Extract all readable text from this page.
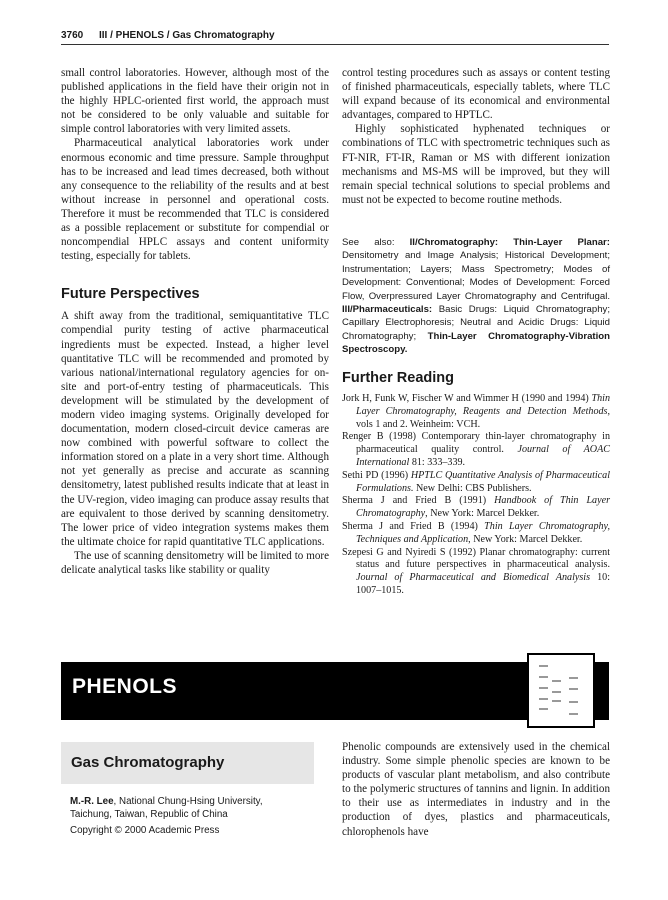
3760 III / PHENOLS / Gas Chromatography

small control laboratories. However, although most of the published applications in the field have their origin not in the highly HPLC-oriented first world, the approach must not be considered to be only valuable and suitable for simple control laboratories with very limited assets.

Pharmaceutical analytical laboratories work under enormous economic and time pressure. Sample throughput has to be increased and lead times decreased, both without any consequence to the reliability of the results and at best without increase in personnel and operational costs. Therefore it must be recommended that TLC is considered as a possible replacement or substitute for compendial or noncompendial HPLC assays and content uniformity testing, especially for tablets.

Future Perspectives

A shift away from the traditional, semiquantitative TLC compendial purity testing of active pharmaceutical ingredients must be expected. Instead, a higher level quantitative TLC will be recommended and promoted by various national/international regulatory agencies for on-site and port-of-entry testing of pharmaceuticals. This development will be stimulated by the development of modern video imaging systems. Originally developed for documentation, modern closed-circuit device cameras are now combined with powerful software to collect the information stored on a plate in a very short time. Although not yet generally as precise and accurate as scanning densitometry, latest published results indicate that at least in the UV-region, video imaging can produce assay results that are equivalent to those derived by scanning densitometry. The lower price of video integration systems makes them the ultimate choice for rapid quantitative TLC applications.

The use of scanning densitometry will be limited to more delicate analytical tasks like stability or quality

control testing procedures such as assays or content testing of finished pharmaceuticals, especially tablets, where TLC will expand because of its economical and environmental advantages, compared to HPTLC.

Highly sophisticated hyphenated techniques or combinations of TLC with spectrometric techniques such as FT-NIR, FT-IR, Raman or MS with different ionization mechanisms and MS-MS will be improved, but they will remain special technical solutions to special problems and must not be expected to become routine methods.

See also: II/Chromatography: Thin-Layer Planar: Densitometry and Image Analysis; Historical Development; Instrumentation; Layers; Mass Spectrometry; Modes of Development: Conventional; Modes of Development: Forced Flow, Overpressured Layer Chromatography and Centrifugal. III/Pharmaceuticals: Basic Drugs: Liquid Chromatography; Capillary Electrophoresis; Neutral and Acidic Drugs: Liquid Chromatography; Thin-Layer Chromatography-Vibration Spectroscopy.
Further Reading
Jork H, Funk W, Fischer W and Wimmer H (1990 and 1994) Thin Layer Chromatography, Reagents and Detection Methods, vols 1 and 2. Weinheim: VCH.
Renger B (1998) Contemporary thin-layer chromatography in pharmaceutical quality control. Journal of AOAC International 81: 333–339.
Sethi PD (1996) HPTLC Quantitative Analysis of Pharmaceutical Formulations. New Delhi: CBS Publishers.
Sherma J and Fried B (1991) Handbook of Thin Layer Chromatography, New York: Marcel Dekker.
Sherma J and Fried B (1994) Thin Layer Chromatography, Techniques and Application, New York: Marcel Dekker.
Szepesi G and Nyiredi S (1992) Planar chromatography: current status and future perspectives in pharmaceutical analysis. Journal of Pharmaceutical and Biomedical Analysis 10: 1007–1015.
PHENOLS
Gas Chromatography
M.-R. Lee, National Chung-Hsing University,
Taichung, Taiwan, Republic of China
Copyright © 2000 Academic Press

Phenolic compounds are extensively used in the chemical industry. Some simple phenolic species are known to be products of vascular plant metabolism, and also contribute to the polymeric structures of tannins and lignin. In addition to their use as intermediates in industry and in the production of dyes, plastics and pharmaceuticals, chlorophenols have
